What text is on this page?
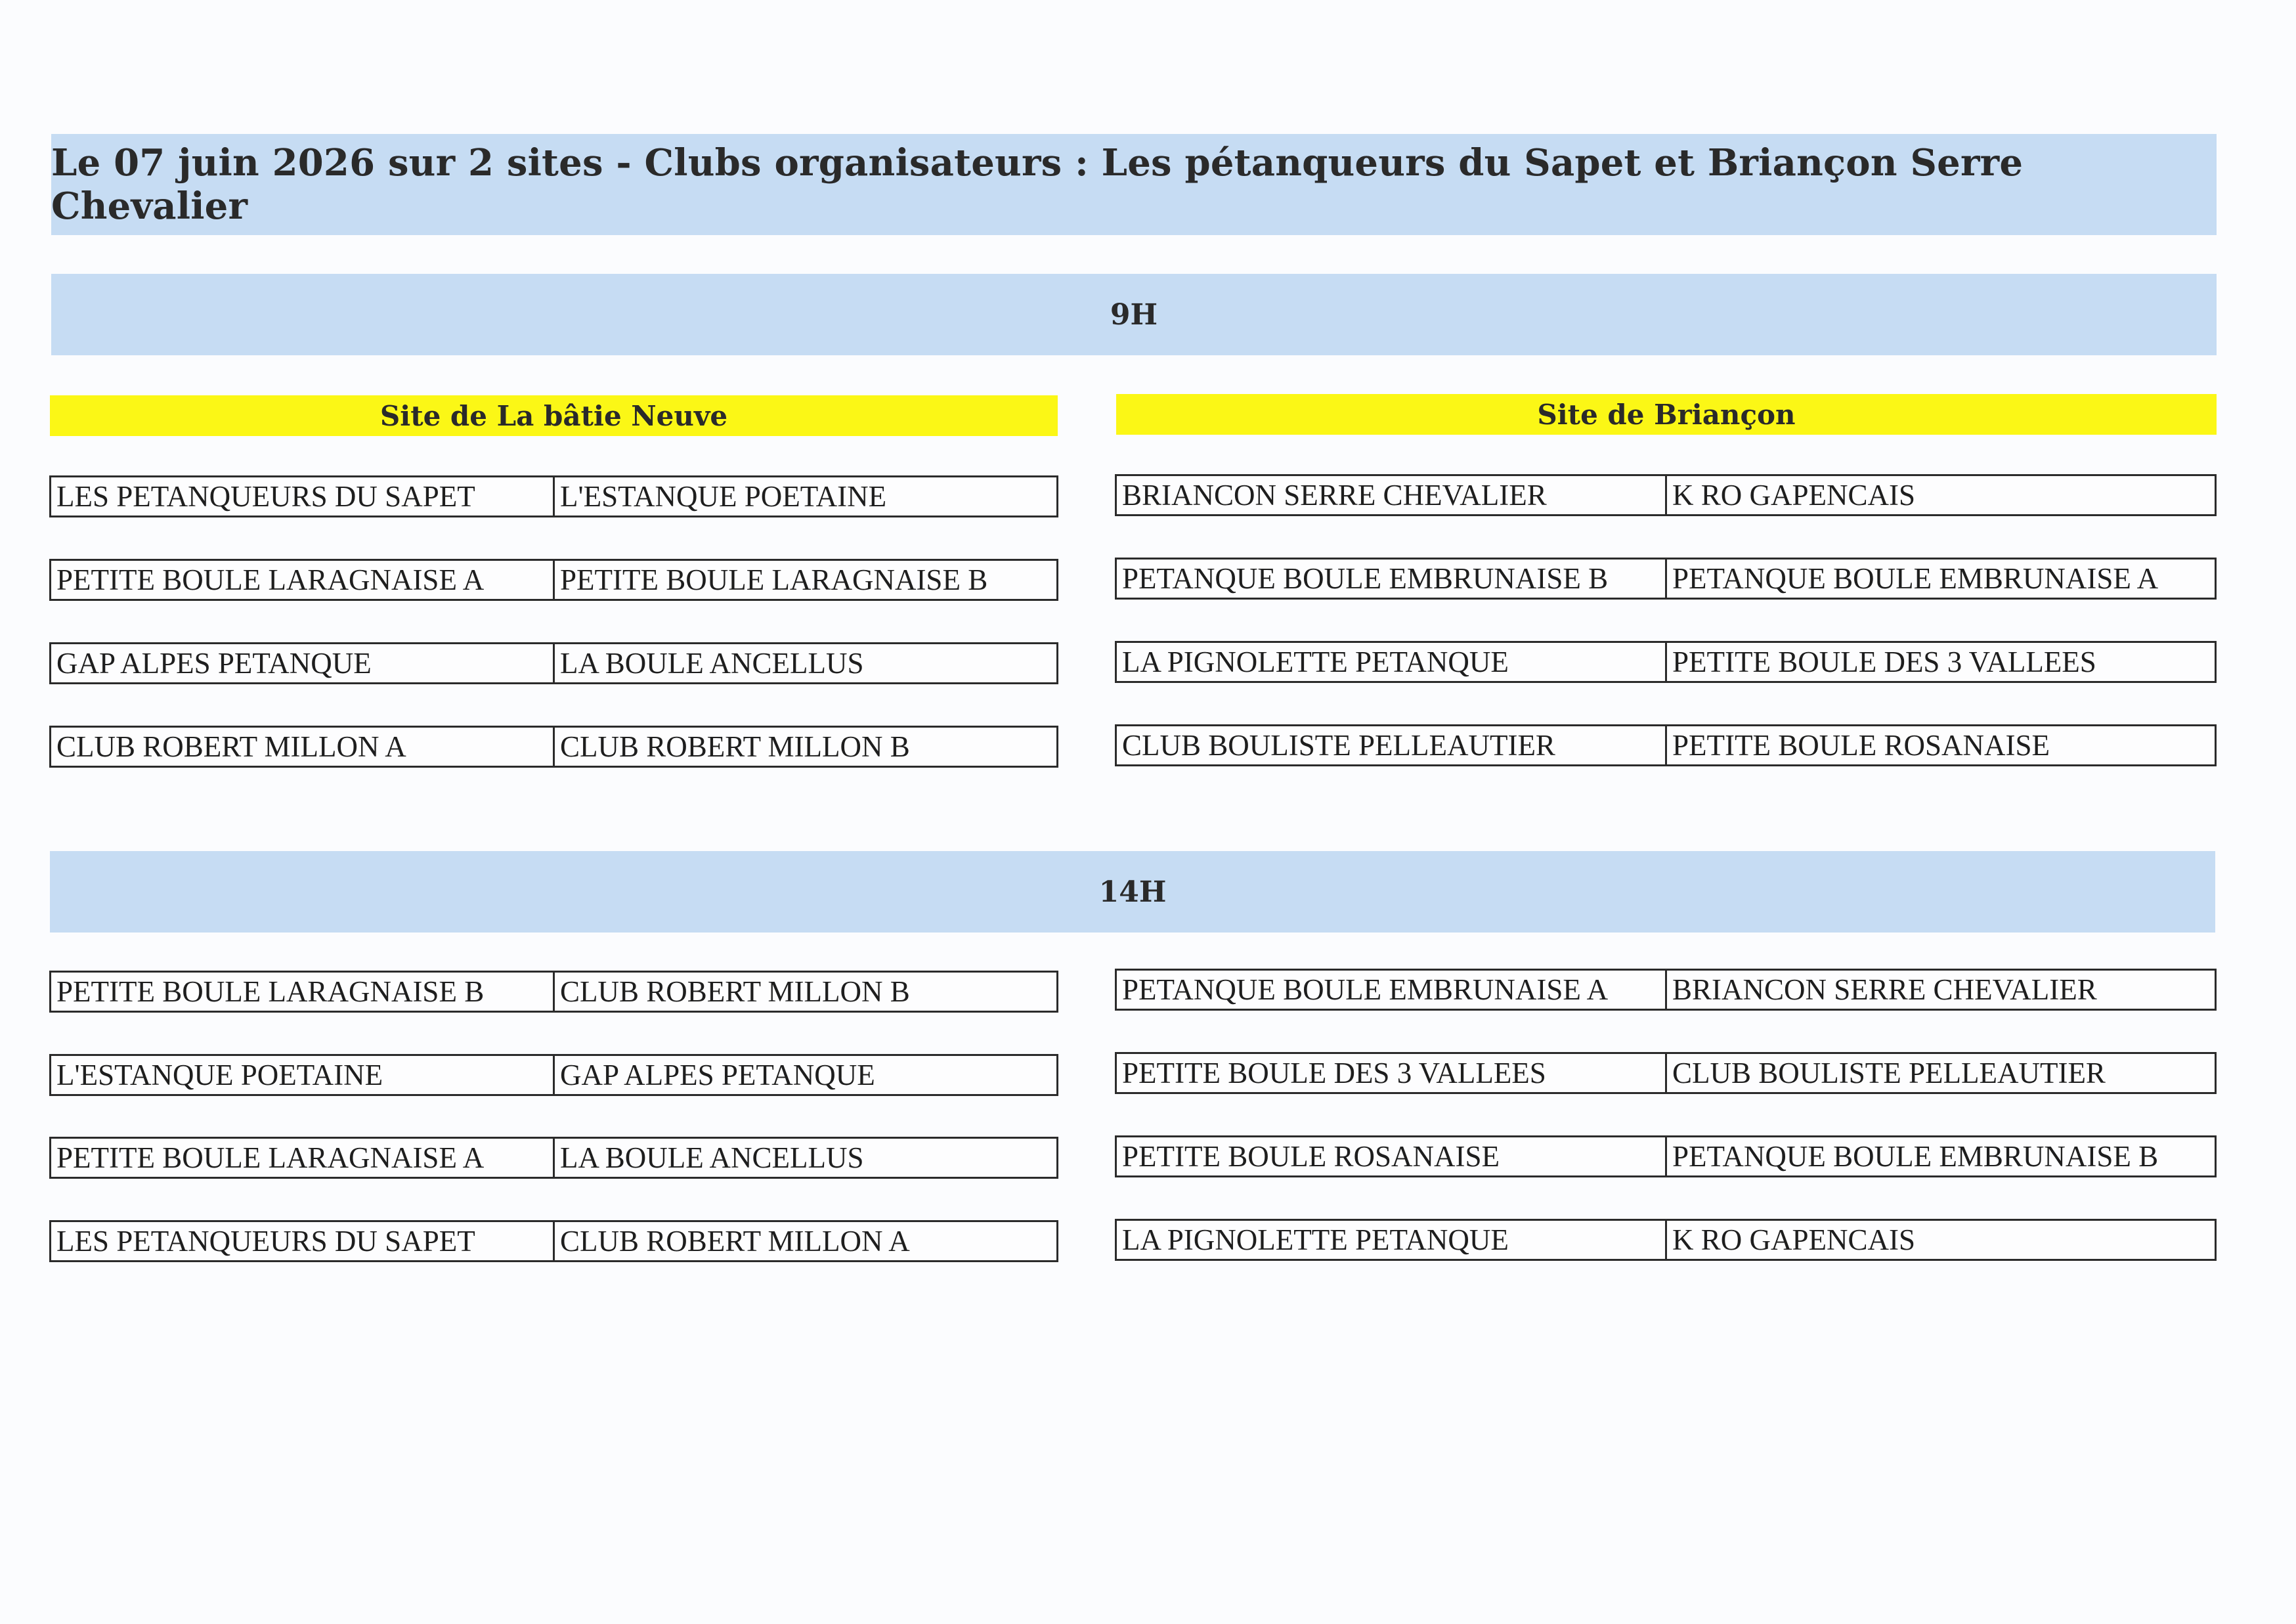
Le 07 juin 2026 sur 2 sites - Clubs organisateurs : Les pétanqueurs du Sapet et Briançon Serre Chevalier
9H
Site de La bâtie Neuve	Site de Briançon
LES PETANQUEURS DU SAPET	L'ESTANQUE POETAINE
PETITE BOULE LARAGNAISE A	PETITE BOULE LARAGNAISE B
GAP ALPES PETANQUE	LA BOULE ANCELLUS
CLUB ROBERT MILLON A	CLUB ROBERT MILLON B
BRIANCON SERRE CHEVALIER	K RO GAPENCAIS
PETANQUE BOULE EMBRUNAISE B	PETANQUE BOULE EMBRUNAISE A
LA PIGNOLETTE PETANQUE	PETITE BOULE DES 3 VALLEES
CLUB BOULISTE PELLEAUTIER	PETITE BOULE ROSANAISE
14H
PETITE BOULE LARAGNAISE B	CLUB ROBERT MILLON B
L'ESTANQUE POETAINE	GAP ALPES PETANQUE
PETITE BOULE LARAGNAISE A	LA BOULE ANCELLUS
LES PETANQUEURS DU SAPET	CLUB ROBERT MILLON A
PETANQUE BOULE EMBRUNAISE A	BRIANCON SERRE CHEVALIER
PETITE BOULE DES 3 VALLEES	CLUB BOULISTE PELLEAUTIER
PETITE BOULE ROSANAISE	PETANQUE BOULE EMBRUNAISE B
LA PIGNOLETTE PETANQUE	K RO GAPENCAIS
